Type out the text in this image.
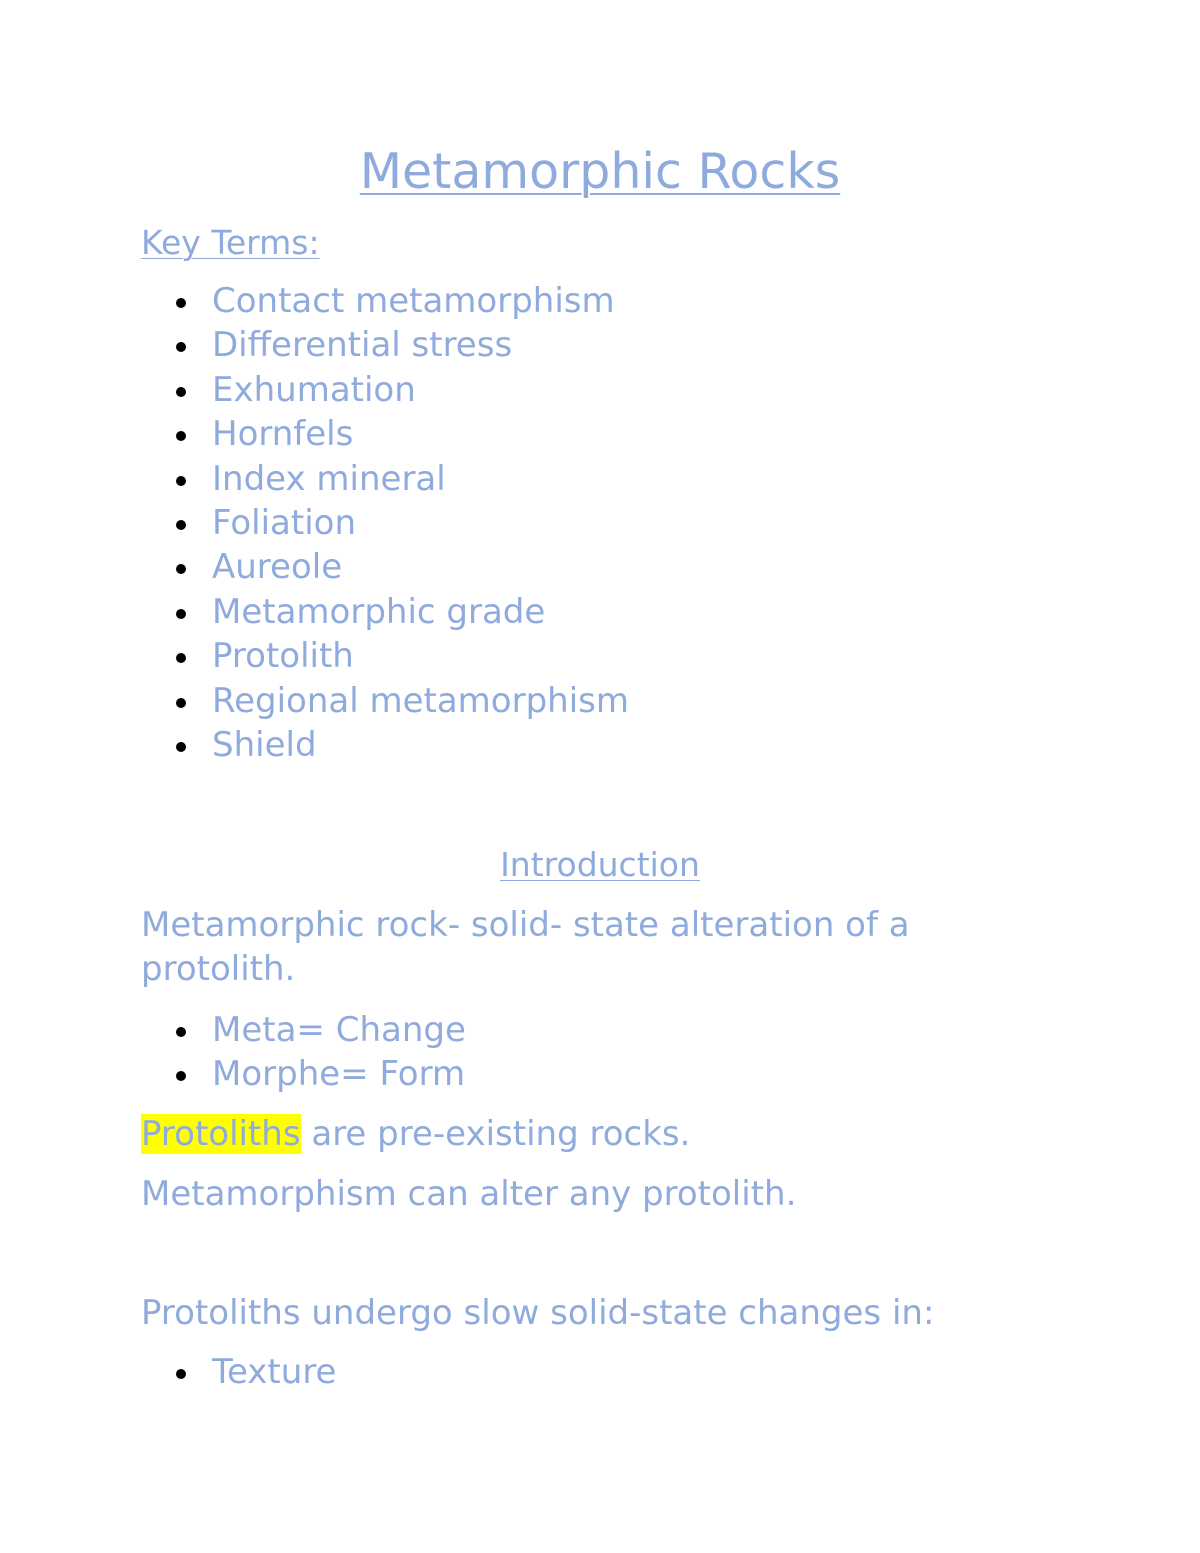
Metamorphic Rocks
Key Terms:
Contact metamorphism
Differential stress
Exhumation
Hornfels
Index mineral
Foliation
Aureole
Metamorphic grade
Protolith
Regional metamorphism
Shield
Introduction

Metamorphic rock- solid- state alteration of a protolith.

Meta= Change
Morphe= Form

Protoliths are pre-existing rocks.

Metamorphism can alter any protolith.

Protoliths undergo slow solid-state changes in:

Texture
